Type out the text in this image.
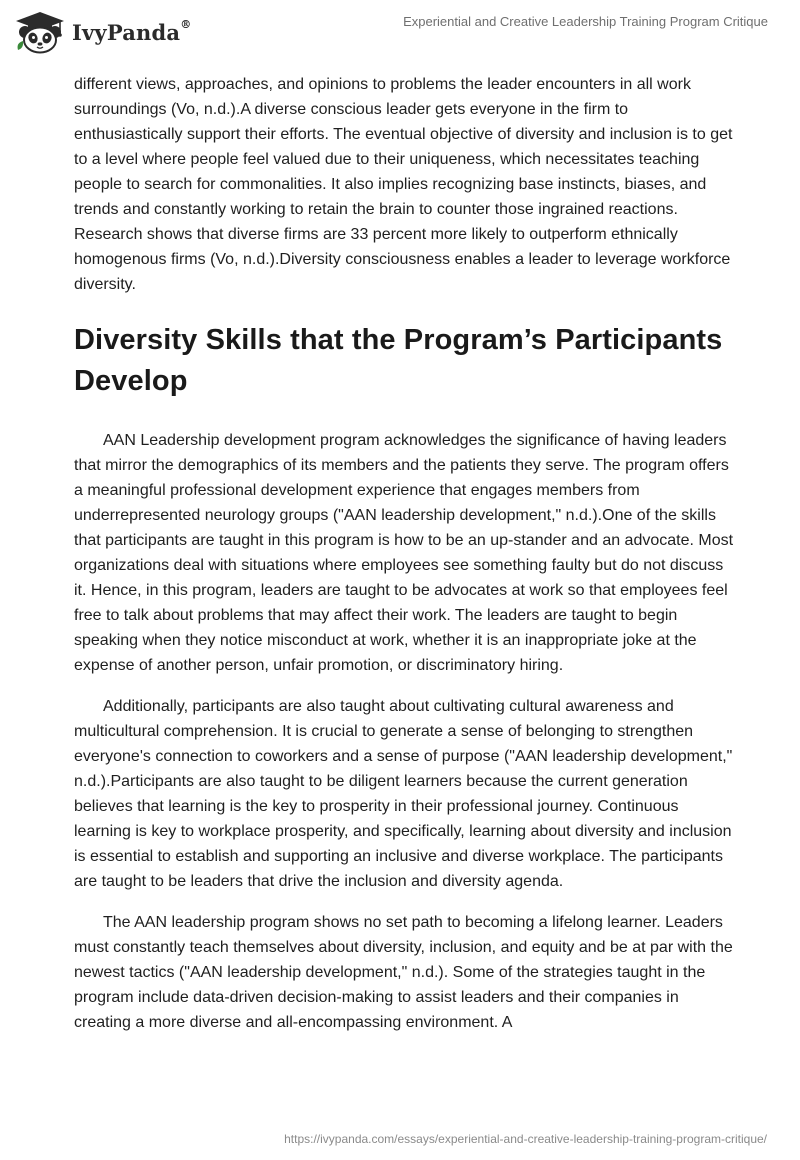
IvyPanda®	Experiential and Creative Leadership Training Program Critique

different views, approaches, and opinions to problems the leader encounters in all work surroundings (Vo, n.d.).A diverse conscious leader gets everyone in the firm to enthusiastically support their efforts. The eventual objective of diversity and inclusion is to get to a level where people feel valued due to their uniqueness, which necessitates teaching people to search for commonalities. It also implies recognizing base instincts, biases, and trends and constantly working to retain the brain to counter those ingrained reactions. Research shows that diverse firms are 33 percent more likely to outperform ethnically homogenous firms (Vo, n.d.).Diversity consciousness enables a leader to leverage workforce diversity.

Diversity Skills that the Program’s Participants Develop

AAN Leadership development program acknowledges the significance of having leaders that mirror the demographics of its members and the patients they serve. The program offers a meaningful professional development experience that engages members from underrepresented neurology groups ("AAN leadership development," n.d.).One of the skills that participants are taught in this program is how to be an up-stander and an advocate. Most organizations deal with situations where employees see something faulty but do not discuss it. Hence, in this program, leaders are taught to be advocates at work so that employees feel free to talk about problems that may affect their work. The leaders are taught to begin speaking when they notice misconduct at work, whether it is an inappropriate joke at the expense of another person, unfair promotion, or discriminatory hiring.

Additionally, participants are also taught about cultivating cultural awareness and multicultural comprehension. It is crucial to generate a sense of belonging to strengthen everyone's connection to coworkers and a sense of purpose ("AAN leadership development," n.d.).Participants are also taught to be diligent learners because the current generation believes that learning is the key to prosperity in their professional journey. Continuous learning is key to workplace prosperity, and specifically, learning about diversity and inclusion is essential to establish and supporting an inclusive and diverse workplace. The participants are taught to be leaders that drive the inclusion and diversity agenda.

The AAN leadership program shows no set path to becoming a lifelong learner. Leaders must constantly teach themselves about diversity, inclusion, and equity and be at par with the newest tactics ("AAN leadership development," n.d.). Some of the strategies taught in the program include data-driven decision-making to assist leaders and their companies in creating a more diverse and all-encompassing environment. A

https://ivypanda.com/essays/experiential-and-creative-leadership-training-program-critique/
